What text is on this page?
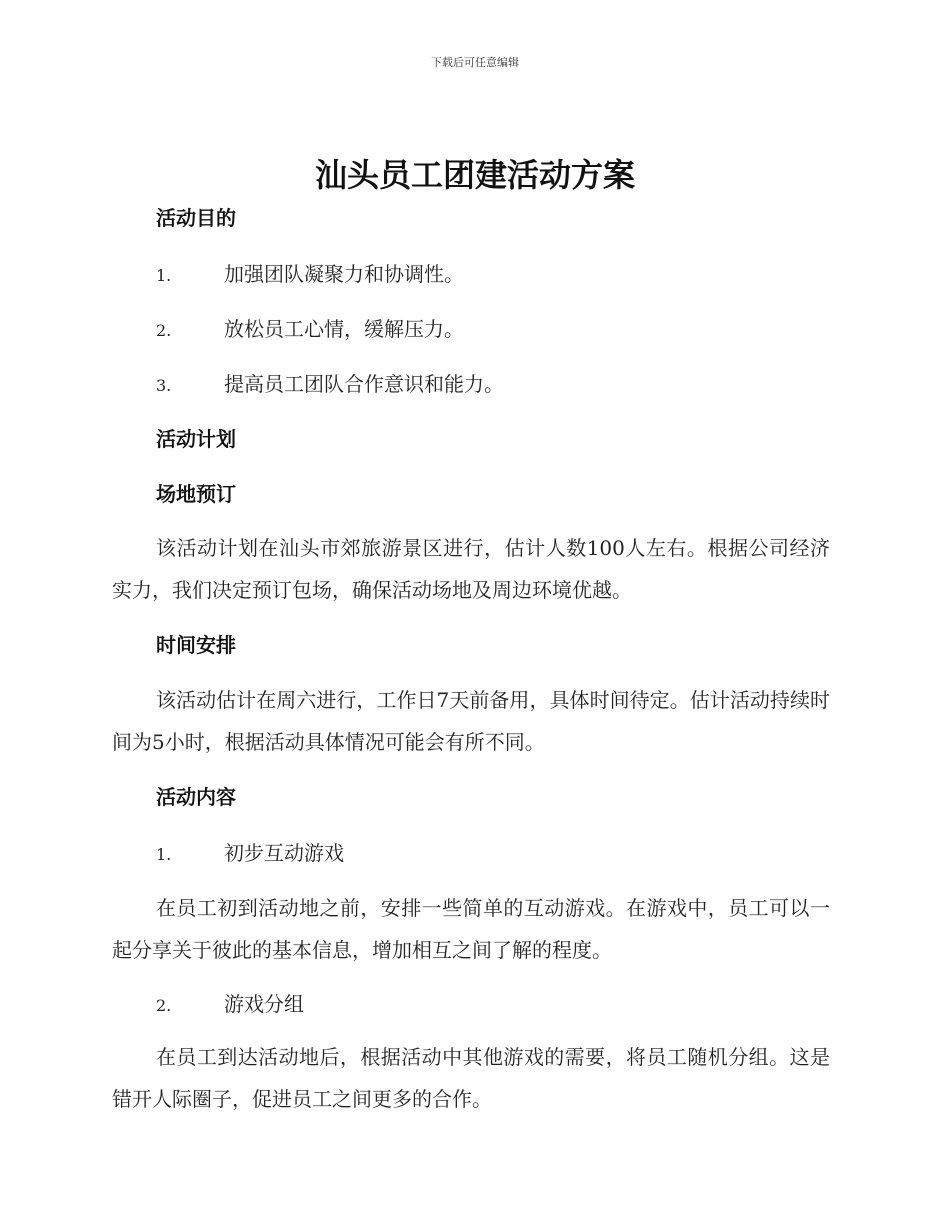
下载后可任意编辑
汕头员工团建活动方案
活动目的
1.	加强团队凝聚力和协调性。
2.	放松员工心情，缓解压力。
3.	提高员工团队合作意识和能力。
活动计划
场地预订

该活动计划在汕头市郊旅游景区进行，估计人数100人左右。根据公司经济实力，我们决定预订包场，确保活动场地及周边环境优越。

时间安排

该活动估计在周六进行，工作日7天前备用，具体时间待定。估计活动持续时间为5小时，根据活动具体情况可能会有所不同。

活动内容
1.	初步互动游戏

在员工初到活动地之前，安排一些简单的互动游戏。在游戏中，员工可以一起分享关于彼此的基本信息，增加相互之间了解的程度。

2.	游戏分组

在员工到达活动地后，根据活动中其他游戏的需要，将员工随机分组。这是错开人际圈子，促进员工之间更多的合作。
